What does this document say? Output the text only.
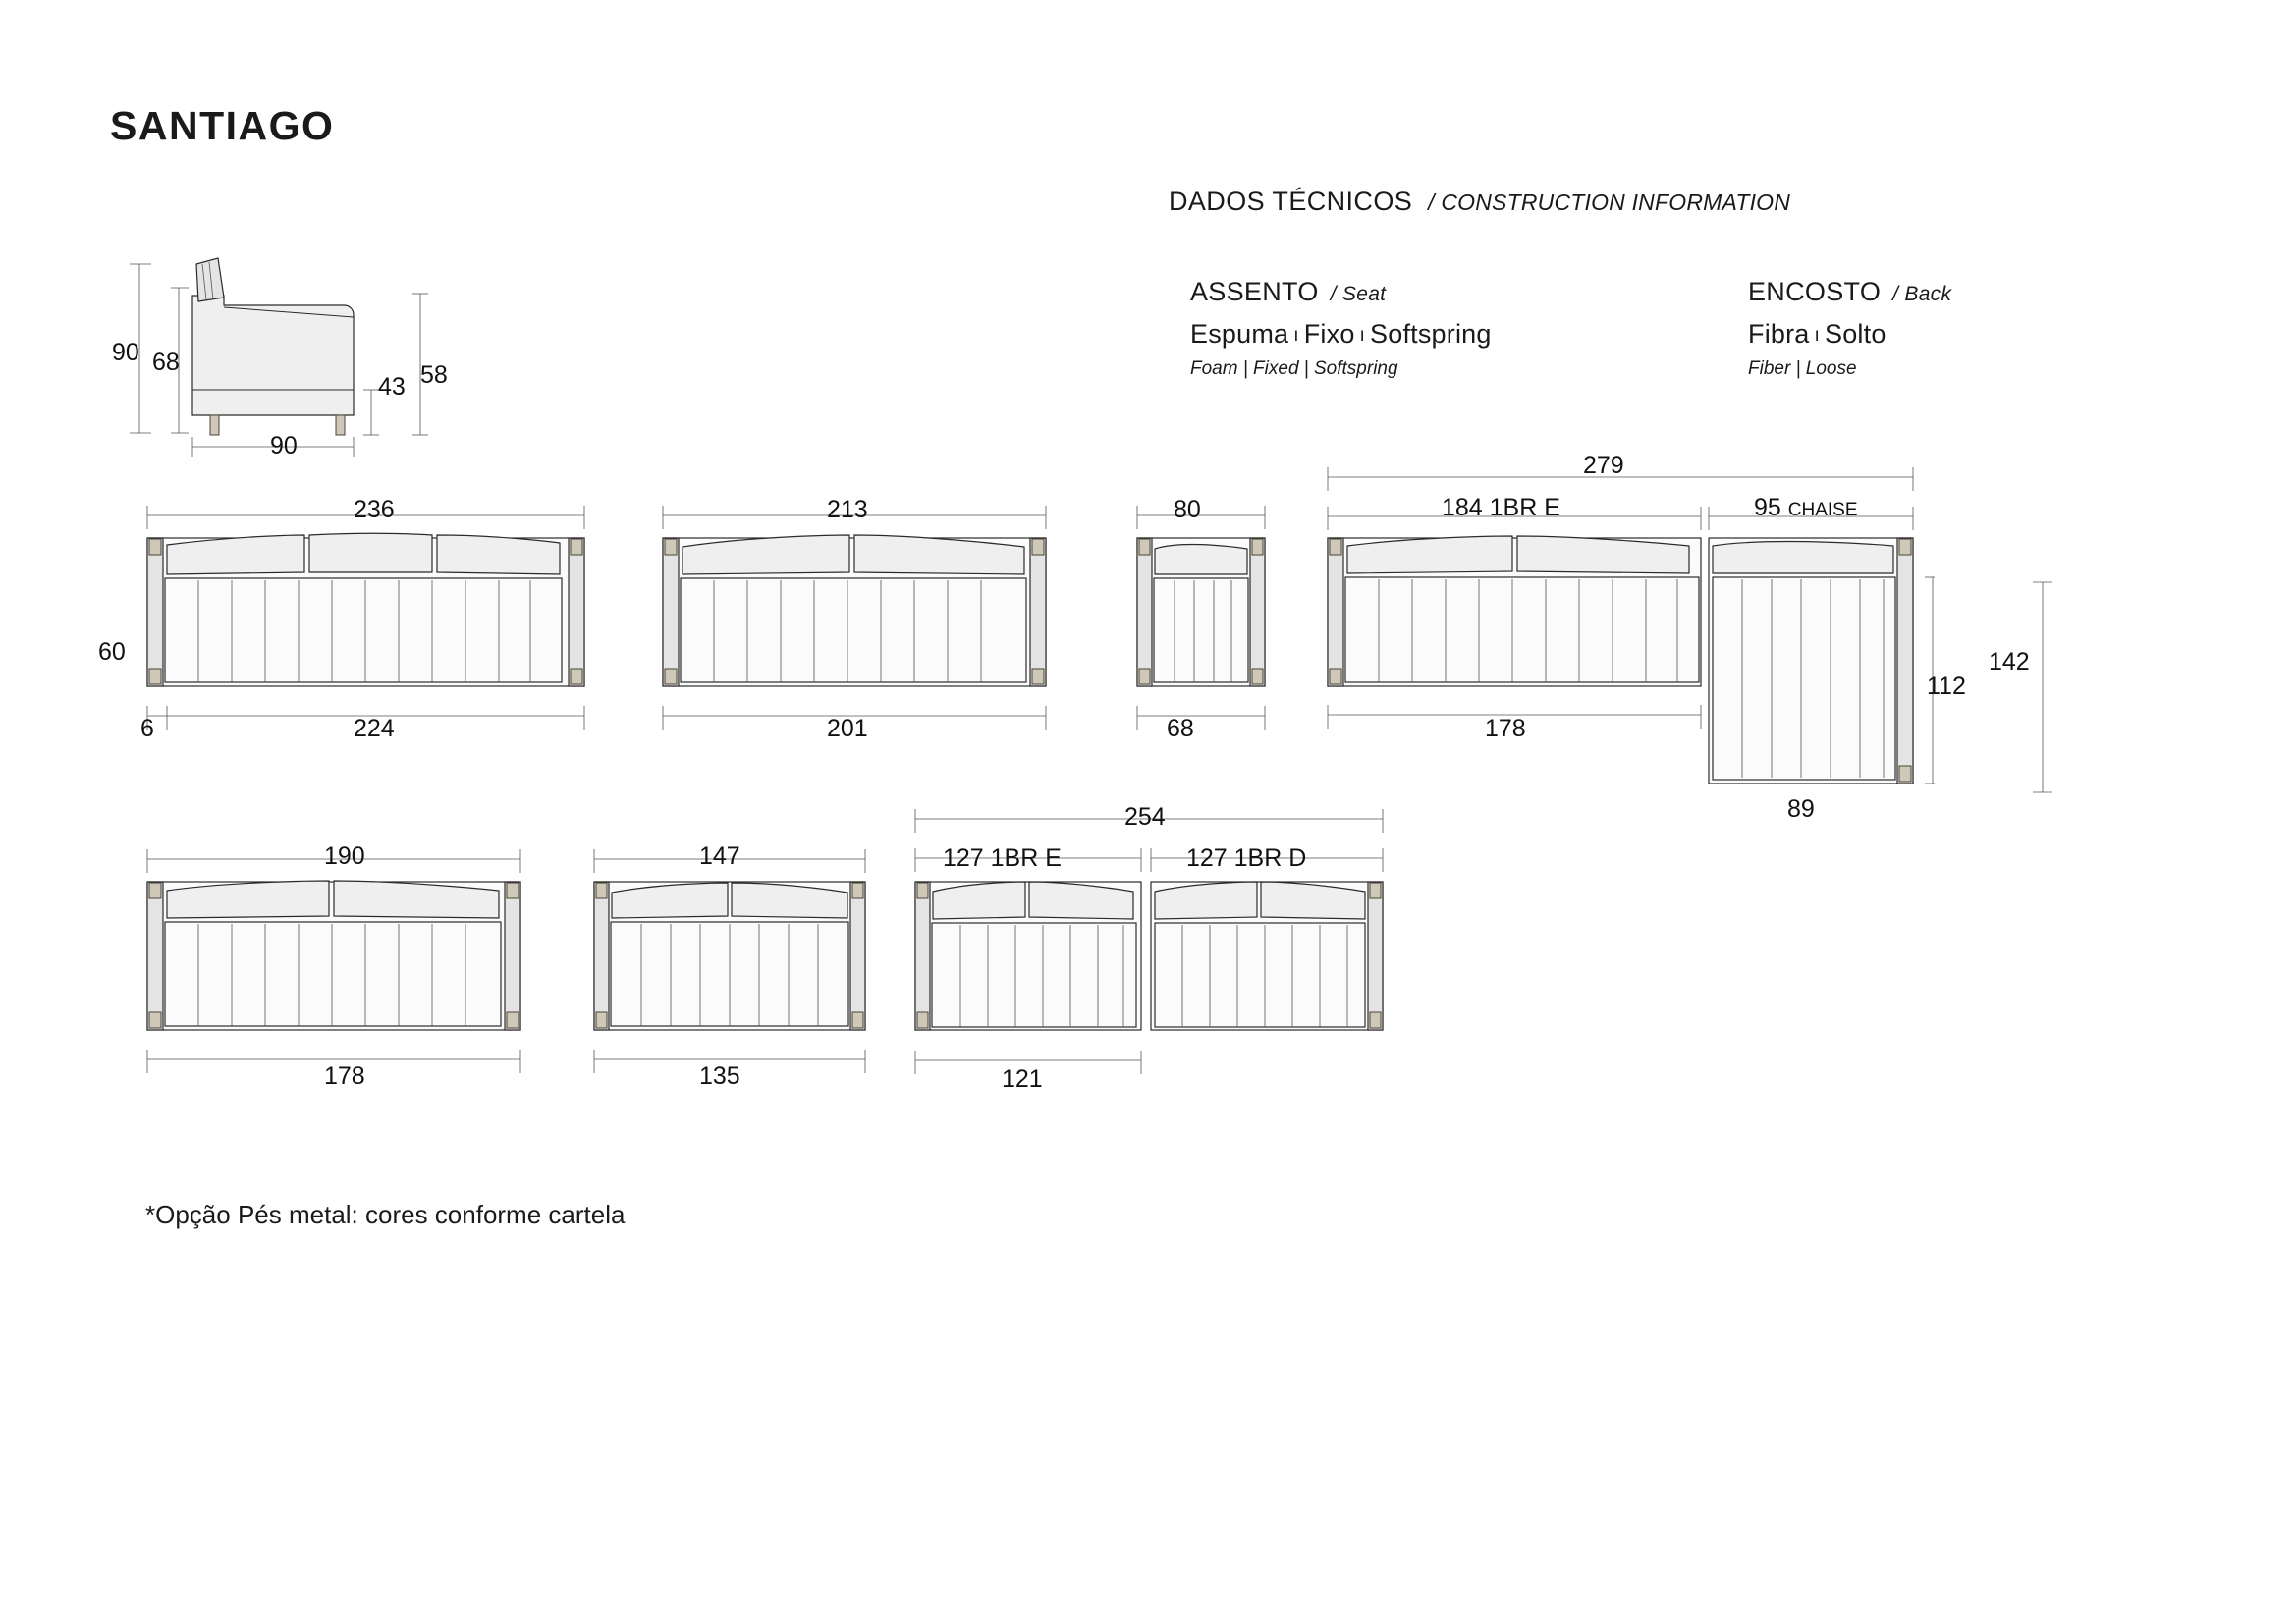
SANTIAGO
DADOS TÉCNICOS / CONSTRUCTION INFORMATION
ASSENTO / Seat
Espuma ı Fixo ı Softspring
Foam | Fixed | Softspring
ENCOSTO / Back
Fibra ı Solto
Fiber | Loose
90 68
90
43 58
236
60
6	224
213
201
80
68
279
184 1BR E	95 CHAISE
178
89
112
142
190
178
147
135
254
127 1BR E	127 1BR D
121
*Opção Pés metal: cores conforme cartela
